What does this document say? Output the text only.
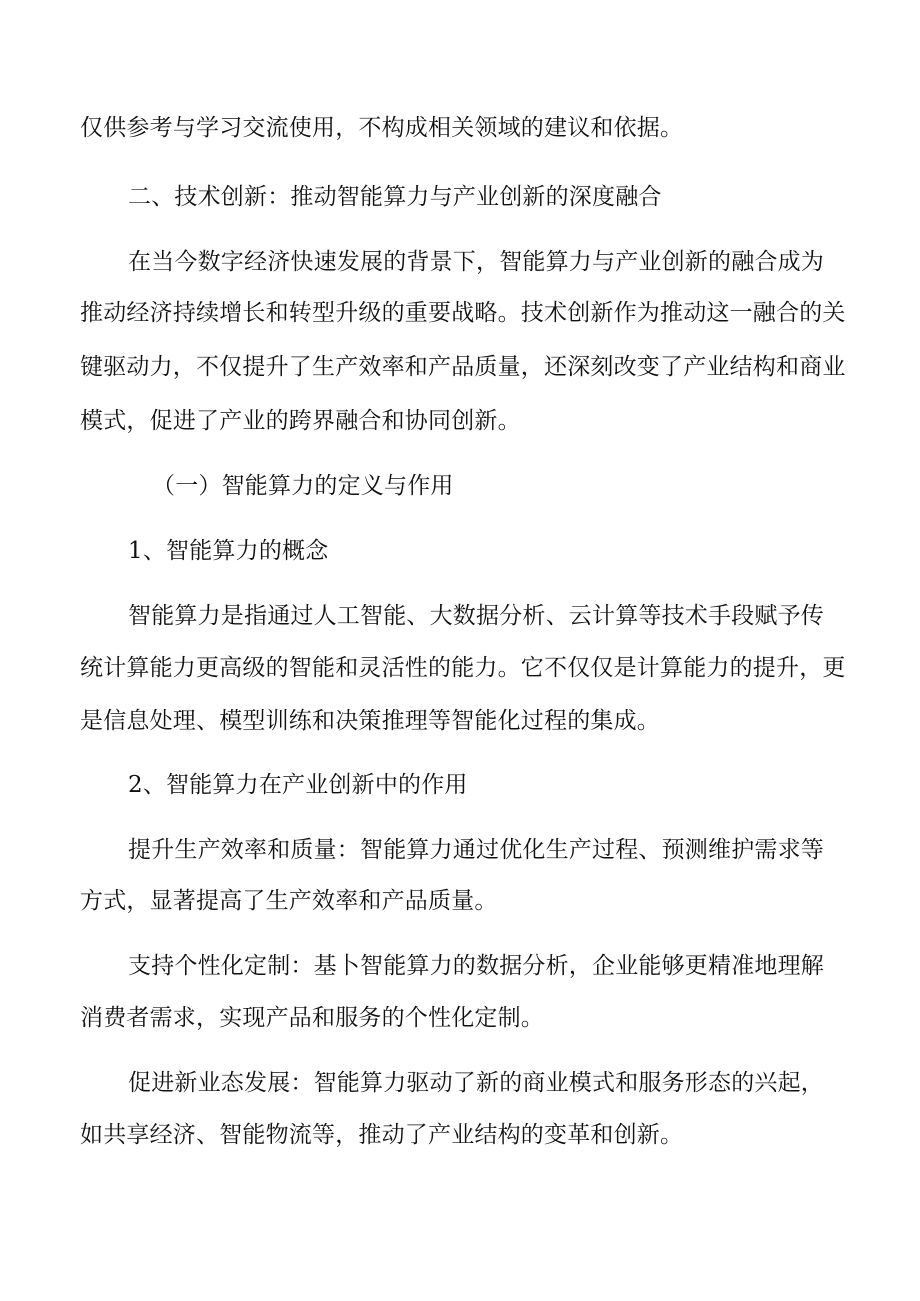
仅供参考与学习交流使用，不构成相关领域的建议和依据。
二、技术创新：推动智能算力与产业创新的深度融合
在当今数字经济快速发展的背景下，智能算力与产业创新的融合成为
推动经济持续增长和转型升级的重要战略。技术创新作为推动这一融合的关
键驱动力，不仅提升了生产效率和产品质量，还深刻改变了产业结构和商业
模式，促进了产业的跨界融合和协同创新。
（一）智能算力的定义与作用
1、智能算力的概念
智能算力是指通过人工智能、大数据分析、云计算等技术手段赋予传
统计算能力更高级的智能和灵活性的能力。它不仅仅是计算能力的提升，更
是信息处理、模型训练和决策推理等智能化过程的集成。
2、智能算力在产业创新中的作用
提升生产效率和质量：智能算力通过优化生产过程、预测维护需求等
方式，显著提高了生产效率和产品质量。
支持个性化定制：基卜智能算力的数据分析，企业能够更精准地理解
消费者需求，实现产品和服务的个性化定制。
促进新业态发展：智能算力驱动了新的商业模式和服务形态的兴起，
如共享经济、智能物流等，推动了产业结构的变革和创新。
